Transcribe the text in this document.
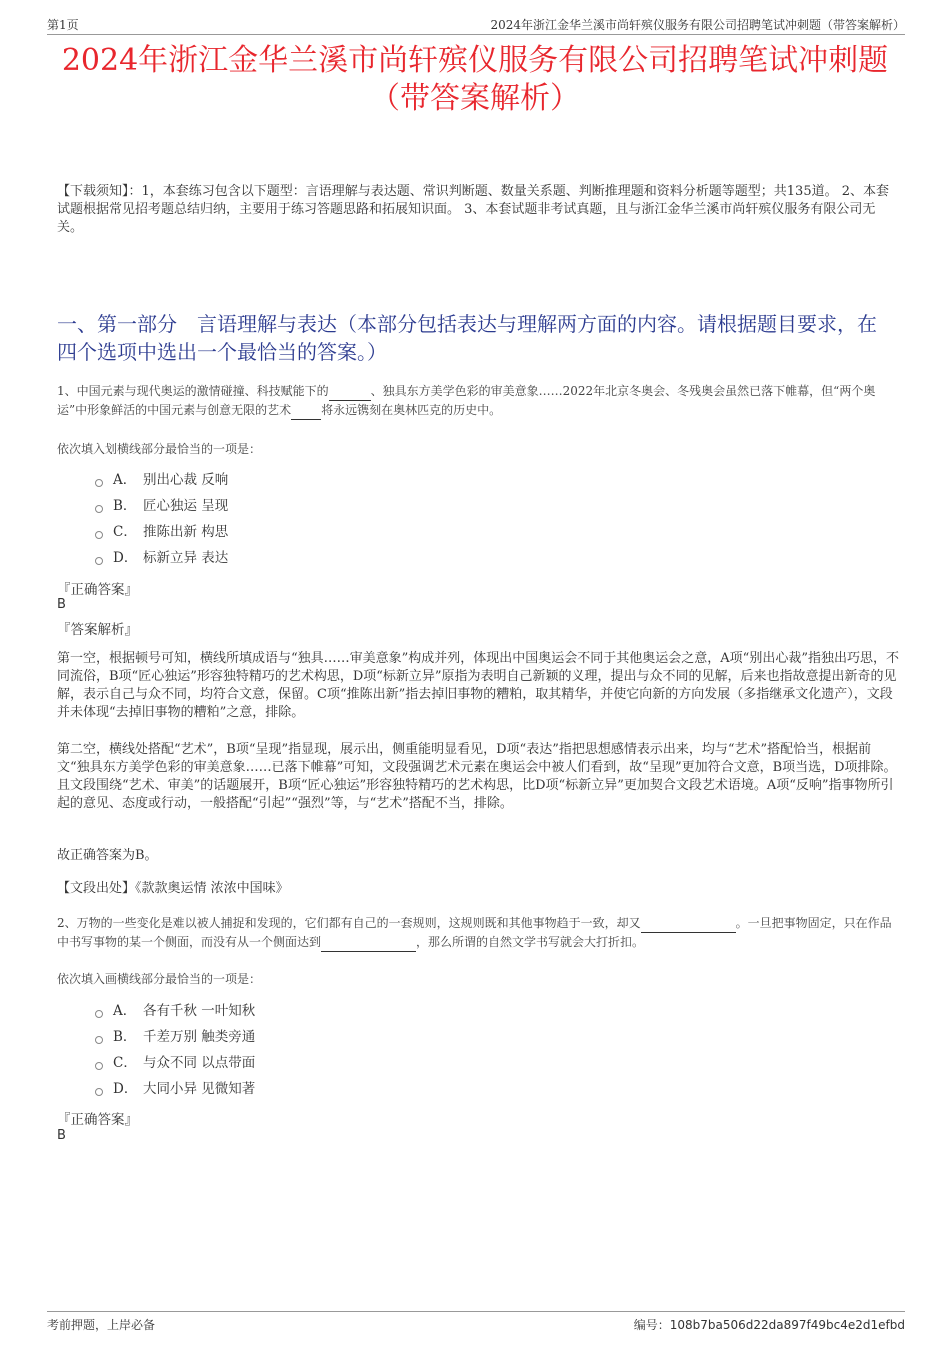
第1页	2024年浙江金华兰溪市尚轩殡仪服务有限公司招聘笔试冲刺题（带答案解析）
2024年浙江金华兰溪市尚轩殡仪服务有限公司招聘笔试冲刺题
（带答案解析）
【下载须知】：1，本套练习包含以下题型：言语理解与表达题、常识判断题、数量关系题、判断推理题和资料分析题等题型；共135道。 2、本套试题根据常见招考题总结归纳，主要用于练习答题思路和拓展知识面。 3、本套试题非考试真题，且与浙江金华兰溪市尚轩殡仪服务有限公司无关。
一、第一部分　言语理解与表达（本部分包括表达与理解两方面的内容。请根据题目要求，在四个选项中选出一个最恰当的答案。）
1、中国元素与现代奥运的激情碰撞、科技赋能下的	、独具东方美学色彩的审美意象……2022年北京冬奥会、冬残奥会虽然已落下帷幕，但“两个奥运”中形象鲜活的中国元素与创意无限的艺术	将永远镌刻在奥林匹克的历史中。
依次填入划横线部分最恰当的一项是：
A． 别出心裁 反响
B． 匠心独运 呈现
C． 推陈出新 构思
D． 标新立异 表达
『正确答案』
B
『答案解析』
第一空，根据顿号可知，横线所填成语与“独具……审美意象”构成并列，体现出中国奥运会不同于其他奥运会之意，A项“别出心裁”指独出巧思，不同流俗，B项“匠心独运”形容独特精巧的艺术构思，D项“标新立异”原指为表明自己新颖的义理，提出与众不同的见解，后来也指故意提出新奇的见解，表示自己与众不同，均符合文意，保留。C项“推陈出新”指去掉旧事物的糟粕，取其精华，并使它向新的方向发展（多指继承文化遗产），文段并未体现“去掉旧事物的糟粕”之意，排除。
第二空，横线处搭配“艺术”，B项“呈现”指显现，展示出，侧重能明显看见，D项“表达”指把思想感情表示出来，均与“艺术”搭配恰当，根据前文“独具东方美学色彩的审美意象……已落下帷幕”可知，文段强调艺术元素在奥运会中被人们看到，故“呈现”更加符合文意，B项当选，D项排除。且文段围绕“艺术、审美”的话题展开，B项“匠心独运”形容独特精巧的艺术构思，比D项“标新立异”更加契合文段艺术语境。A项“反响”指事物所引起的意见、态度或行动，一般搭配“引起”“强烈”等，与“艺术”搭配不当，排除。
故正确答案为B。
【文段出处】《款款奥运情 浓浓中国味》
2、万物的一些变化是难以被人捕捉和发现的，它们都有自己的一套规则，这规则既和其他事物趋于一致，却又	。一旦把事物固定，只在作品中书写事物的某一个侧面，而没有从一个侧面达到	，那么所谓的自然文学书写就会大打折扣。
依次填入画横线部分最恰当的一项是：
A． 各有千秋 一叶知秋
B． 千差万别 触类旁通
C． 与众不同 以点带面
D． 大同小异 见微知著
『正确答案』
B
考前押题，上岸必备	编号：108b7ba506d22da897f49bc4e2d1efbd
